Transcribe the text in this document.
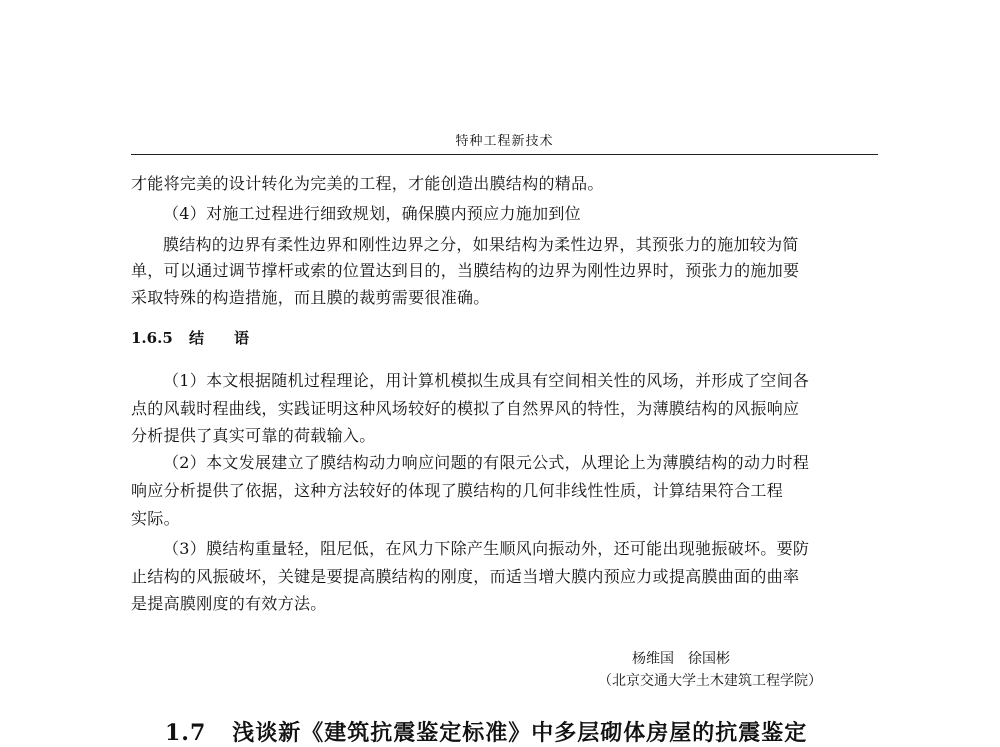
特种工程新技术
才能将完美的设计转化为完美的工程，才能创造出膜结构的精品。
（4）对施工过程进行细致规划，确保膜内预应力施加到位
膜结构的边界有柔性边界和刚性边界之分，如果结构为柔性边界，其预张力的施加较为简
单，可以通过调节撑杆或索的位置达到目的，当膜结构的边界为刚性边界时，预张力的施加要
采取特殊的构造措施，而且膜的裁剪需要很准确。
1.6.5 结语
（1）本文根据随机过程理论，用计算机模拟生成具有空间相关性的风场，并形成了空间各
点的风载时程曲线，实践证明这种风场较好的模拟了自然界风的特性，为薄膜结构的风振响应
分析提供了真实可靠的荷载输入。
（2）本文发展建立了膜结构动力响应问题的有限元公式，从理论上为薄膜结构的动力时程
响应分析提供了依据，这种方法较好的体现了膜结构的几何非线性性质，计算结果符合工程
实际。
（3）膜结构重量轻，阻尼低，在风力下除产生顺风向振动外，还可能出现驰振破坏。要防
止结构的风振破坏，关键是要提高膜结构的刚度，而适当增大膜内预应力或提高膜曲面的曲率
是提高膜刚度的有效方法。
杨维国　徐国彬
（北京交通大学土木建筑工程学院）
1.7 浅谈新《建筑抗震鉴定标准》中多层砌体房屋的抗震鉴定
